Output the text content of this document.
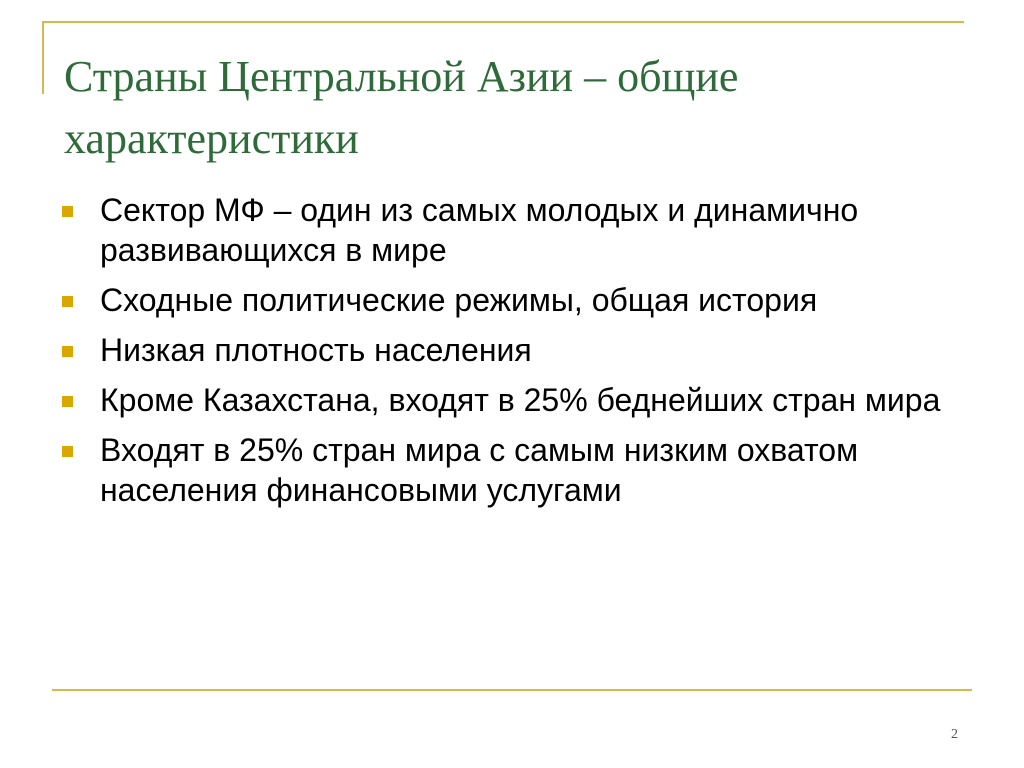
Страны Центральной Азии – общие характеристики
Сектор МФ – один из самых молодых и динамично развивающихся в мире
Сходные политические режимы, общая история
Низкая плотность населения
Кроме Казахстана, входят в 25% беднейших стран мира
Входят в 25% стран мира с самым низким охватом населения финансовыми услугами
2
